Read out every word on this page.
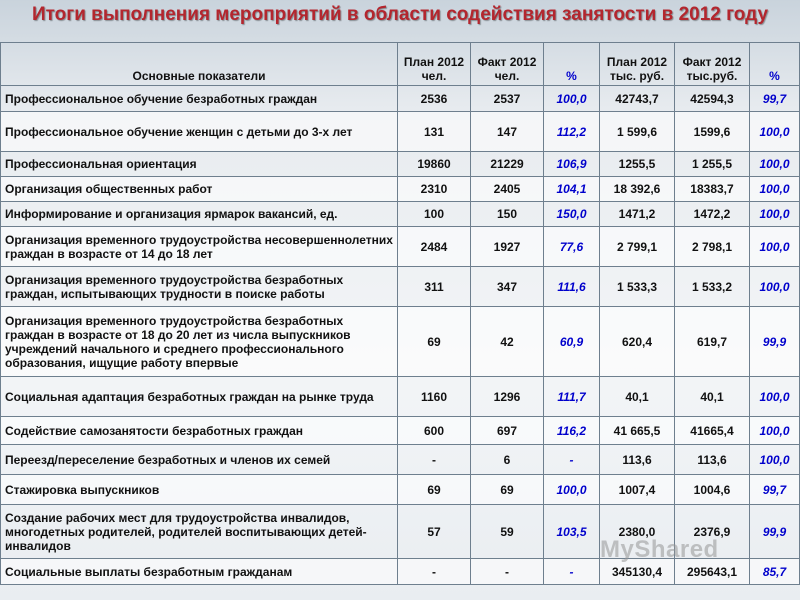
Итоги выполнения мероприятий в области содействия занятости в 2012 году
Основные показатели	План 2012 чел.	Факт 2012 чел.	%	План 2012 тыс. руб.	Факт 2012 тыс.руб.	%
Профессиональное обучение безработных граждан	2536	2537	100,0	42743,7	42594,3	99,7
Профессиональное обучение женщин с детьми до 3-х лет	131	147	112,2	1 599,6	1599,6	100,0
Профессиональная ориентация	19860	21229	106,9	1255,5	1 255,5	100,0
Организация общественных работ	2310	2405	104,1	18 392,6	18383,7	100,0
Информирование и организация ярмарок вакансий, ед.	100	150	150,0	1471,2	1472,2	100,0
Организация временного трудоустройства несовершеннолетних граждан в возрасте от 14 до 18 лет	2484	1927	77,6	2 799,1	2 798,1	100,0
Организация временного трудоустройства безработных граждан, испытывающих трудности в поиске работы	311	347	111,6	1 533,3	1 533,2	100,0
Организация временного трудоустройства безработных граждан в возрасте от 18 до 20 лет из числа выпускников учреждений начального и среднего профессионального образования, ищущие работу впервые	69	42	60,9	620,4	619,7	99,9
Социальная адаптация безработных граждан на рынке труда	1160	1296	111,7	40,1	40,1	100,0
Содействие самозанятости безработных граждан	600	697	116,2	41 665,5	41665,4	100,0
Переезд/переселение безработных и членов их семей	-	6	-	113,6	113,6	100,0
Стажировка выпускников	69	69	100,0	1007,4	1004,6	99,7
Создание рабочих мест для трудоустройства инвалидов, многодетных родителей, родителей воспитывающих детей-инвалидов	57	59	103,5	2380,0	2376,9	99,9
Социальные выплаты безработным гражданам	-	-	-	345130,4	295643,1	85,7
MyShared
